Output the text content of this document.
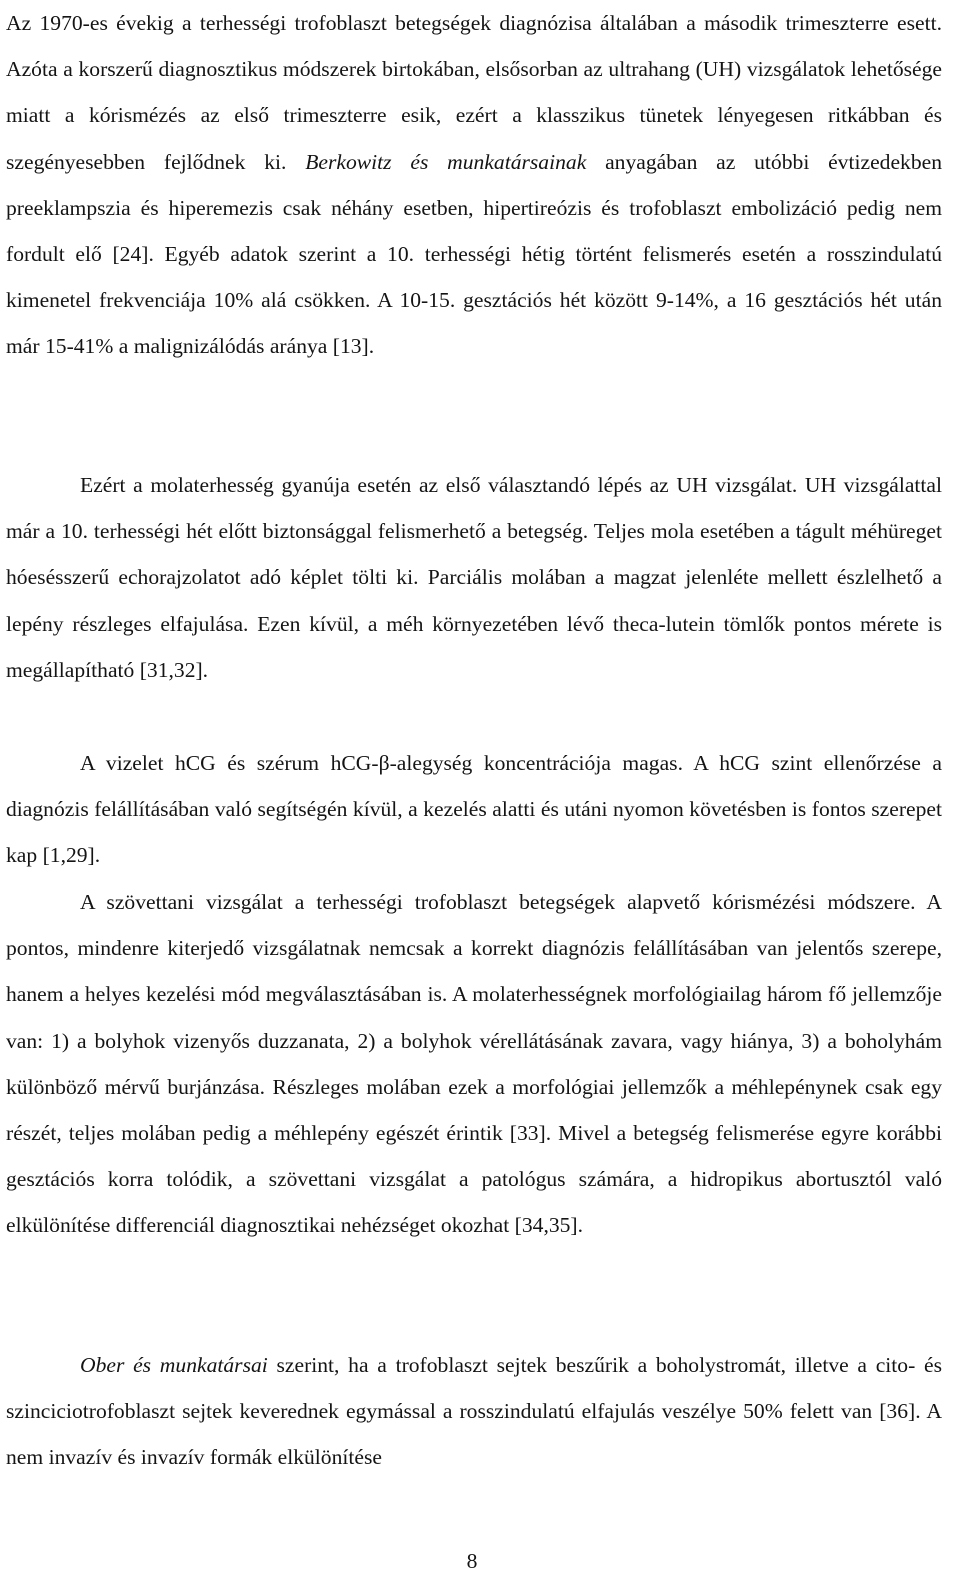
Az 1970-es évekig a terhességi trofoblaszt betegségek diagnózisa általában a második trimeszterre esett. Azóta a korszerű diagnosztikus módszerek birtokában, elsősorban az ultrahang (UH) vizsgálatok lehetősége miatt a kórismézés az első trimeszterre esik, ezért a klasszikus tünetek lényegesen ritkábban és szegényesebben fejlődnek ki. Berkowitz és munkatársainak anyagában az utóbbi évtizedekben preeklampszia és hiperemezis csak néhány esetben, hipertireózis és trofoblaszt embolizáció pedig nem fordult elő [24]. Egyéb adatok szerint a 10. terhességi hétig történt felismerés esetén a rosszindulatú kimenetel frekvenciája 10% alá csökken. A 10-15. gesztációs hét között 9-14%, a 16 gesztációs hét után már 15-41% a malignizálódás aránya [13].

Ezért a molaterhesség gyanúja esetén az első választandó lépés az UH vizsgálat. UH vizsgálattal már a 10. terhességi hét előtt biztonsággal felismerhető a betegség. Teljes mola esetében a tágult méhüreget hóesésszerű echorajzolatot adó képlet tölti ki. Parciális molában a magzat jelenléte mellett észlelhető a lepény részleges elfajulása. Ezen kívül, a méh környezetében lévő theca-lutein tömlők pontos mérete is megállapítható [31,32].

A vizelet hCG és szérum hCG-β-alegység koncentrációja magas. A hCG szint ellenőrzése a diagnózis felállításában való segítségén kívül, a kezelés alatti és utáni nyomon követésben is fontos szerepet kap [1,29].

A szövettani vizsgálat a terhességi trofoblaszt betegségek alapvető kórismézési módszere. A pontos, mindenre kiterjedő vizsgálatnak nemcsak a korrekt diagnózis felállításában van jelentős szerepe, hanem a helyes kezelési mód megválasztásában is. A molaterhességnek morfológiailag három fő jellemzője van: 1) a bolyhok vizenyős duzzanata, 2) a bolyhok vérellátásának zavara, vagy hiánya, 3) a boholyhám különböző mérvű burjánzása. Részleges molában ezek a morfológiai jellemzők a méhlepénynek csak egy részét, teljes molában pedig a méhlepény egészét érintik [33]. Mivel a betegség felismerése egyre korábbi gesztációs korra tolódik, a szövettani vizsgálat a patológus számára, a hidropikus abortusztól való elkülönítése differenciál diagnosztikai nehézséget okozhat [34,35].

Ober és munkatársai szerint, ha a trofoblaszt sejtek beszűrik a boholystromát, illetve a cito- és szinciciotrofoblaszt sejtek keverednek egymással a rosszindulatú elfajulás veszélye 50% felett van [36]. A nem invazív és invazív formák elkülönítése

8
